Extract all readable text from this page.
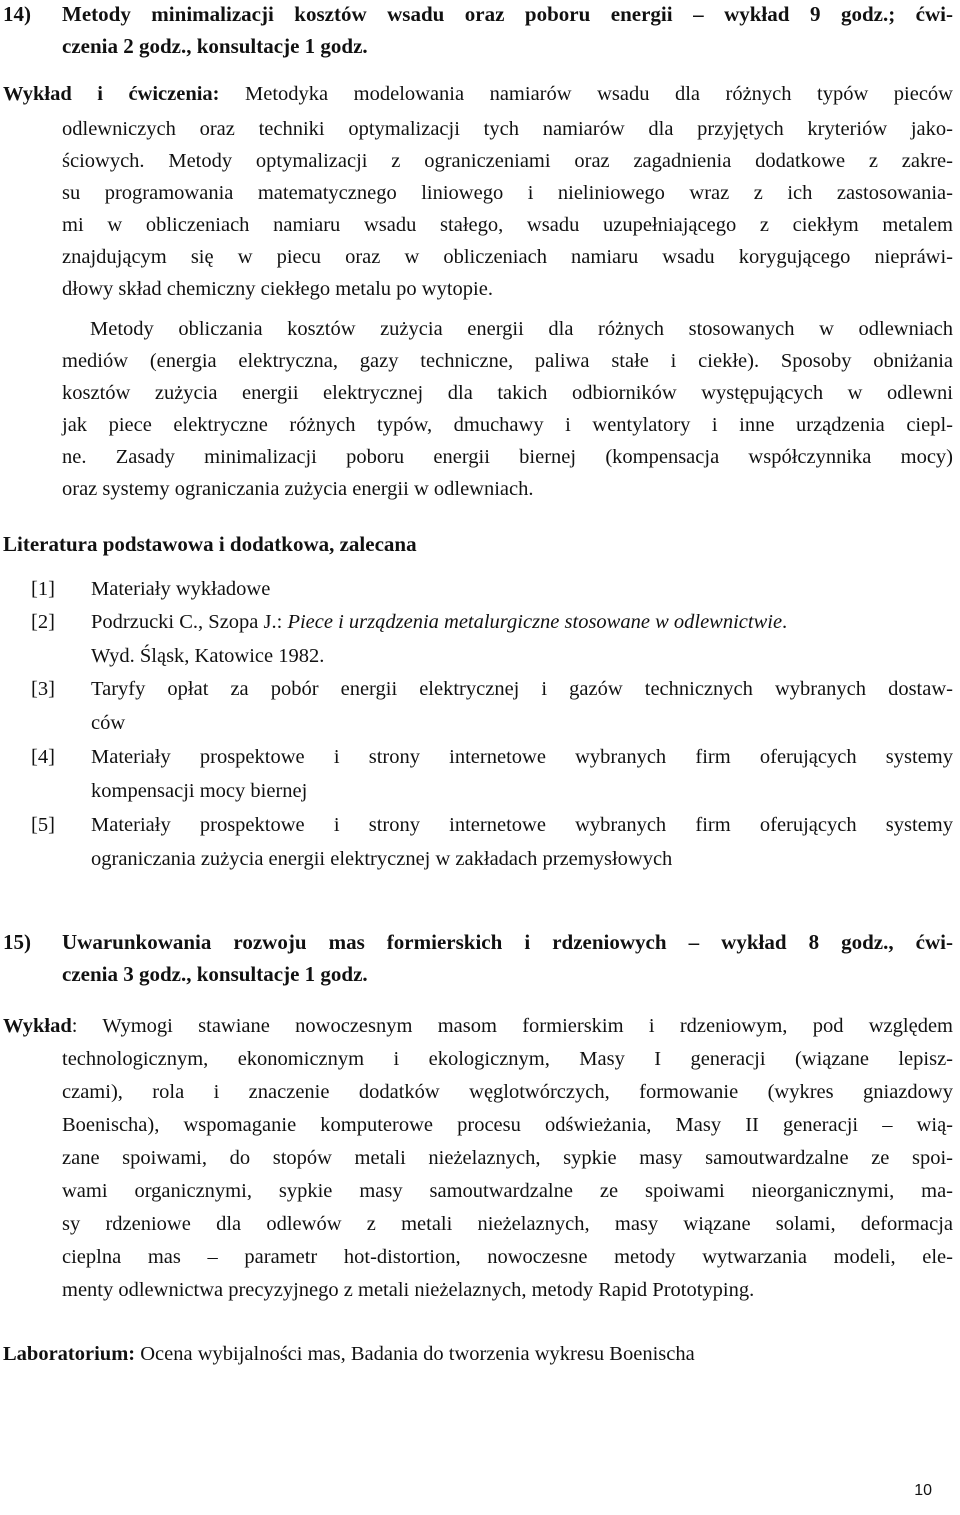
14) Metody minimalizacji kosztów wsadu oraz poboru energii – wykład 9 godz.; ćwi-
czenia 2 godz., konsultacje 1 godz.
Wykład i ćwiczenia: Metodyka modelowania namiarów wsadu dla różnych typów pieców
odlewniczych oraz techniki optymalizacji tych namiarów dla przyjętych kryteriów jako-
ściowych. Metody optymalizacji z ograniczeniami oraz zagadnienia dodatkowe z zakre-
su programowania matematycznego liniowego i nieliniowego wraz z ich zastosowania-
mi w obliczeniach namiaru wsadu stałego, wsadu uzupełniającego z ciekłym metalem
znajdującym się w piecu oraz w obliczeniach namiaru wsadu korygującego niepráwi-
dłowy skład chemiczny ciekłego metalu po wytopie.
Metody obliczania kosztów zużycia energii dla różnych stosowanych w odlewniach
mediów (energia elektryczna, gazy techniczne, paliwa stałe i ciekłe). Sposoby obniżania
kosztów zużycia energii elektrycznej dla takich odbiorników występujących w odlewni
jak piece elektryczne różnych typów, dmuchawy i wentylatory i inne urządzenia ciepl-
ne. Zasady minimalizacji poboru energii biernej (kompensacja współczynnika mocy)
oraz systemy ograniczania zużycia energii w odlewniach.
Literatura podstawowa i dodatkowa, zalecana
[1] Materiały wykładowe
[2] Podrzucki C., Szopa J.: Piece i urządzenia metalurgiczne stosowane w odlewnictwie.
Wyd. Śląsk, Katowice 1982.
[3] Taryfy opłat za pobór energii elektrycznej i gazów technicznych wybranych dostaw-
ców
[4] Materiały prospektowe i strony internetowe wybranych firm oferujących systemy
kompensacji mocy biernej
[5] Materiały prospektowe i strony internetowe wybranych firm oferujących systemy
ograniczania zużycia energii elektrycznej w zakładach przemysłowych
15) Uwarunkowania rozwoju mas formierskich i rdzeniowych – wykład 8 godz., ćwi-
czenia 3 godz., konsultacje 1 godz.
Wykład: Wymogi stawiane nowoczesnym masom formierskim i rdzeniowym, pod względem
technologicznym, ekonomicznym i ekologicznym, Masy I generacji (wiązane lepisz-
czami), rola i znaczenie dodatków węglotwórczych, formowanie (wykres gniazdowy
Boenischa), wspomaganie komputerowe procesu odświeżania, Masy II generacji – wią-
zane spoiwami, do stopów metali nieżelaznych, sypkie masy samoutwardzalne ze spoi-
wami organicznymi, sypkie masy samoutwardzalne ze spoiwami nieorganicznymi, ma-
sy rdzeniowe dla odlewów z metali nieżelaznych, masy wiązane solami, deformacja
cieplna mas – parametr hot-distortion, nowoczesne metody wytwarzania modeli, ele-
menty odlewnictwa precyzyjnego z metali nieżelaznych, metody Rapid Prototyping.
Laboratorium: Ocena wybijalności mas, Badania do tworzenia wykresu Boenischa
10
